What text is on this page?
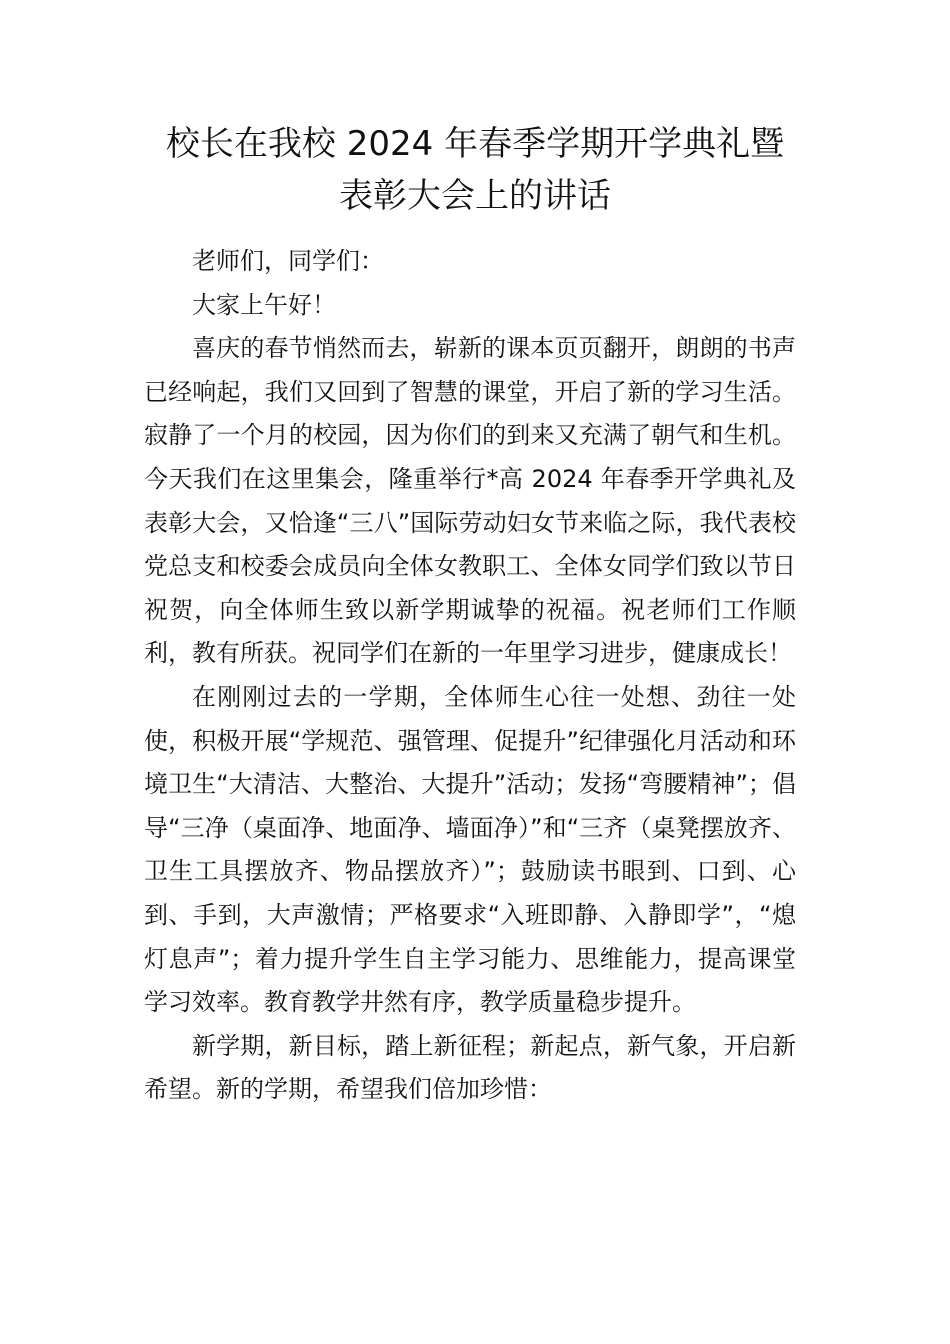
校长在我校 2024 年春季学期开学典礼暨
表彰大会上的讲话

老师们，同学们：

大家上午好！

喜庆的春节悄然而去，崭新的课本页页翻开，朗朗的书声已经响起，我们又回到了智慧的课堂，开启了新的学习生活。寂静了一个月的校园，因为你们的到来又充满了朝气和生机。今天我们在这里集会，隆重举行*高 2024 年春季开学典礼及表彰大会，又恰逢“三八”国际劳动妇女节来临之际，我代表校党总支和校委会成员向全体女教职工、全体女同学们致以节日祝贺，向全体师生致以新学期诚挚的祝福。祝老师们工作顺利，教有所获。祝同学们在新的一年里学习进步，健康成长！

在刚刚过去的一学期，全体师生心往一处想、劲往一处使，积极开展“学规范、强管理、促提升”纪律强化月活动和环境卫生“大清洁、大整治、大提升”活动；发扬“弯腰精神”；倡导“三净（桌面净、地面净、墙面净）”和“三齐（桌凳摆放齐、卫生工具摆放齐、物品摆放齐）”；鼓励读书眼到、口到、心到、手到，大声激情；严格要求“入班即静、入静即学”，“熄灯息声”；着力提升学生自主学习能力、思维能力，提高课堂学习效率。教育教学井然有序，教学质量稳步提升。

新学期，新目标，踏上新征程；新起点，新气象，开启新希望。新的学期，希望我们倍加珍惜：
